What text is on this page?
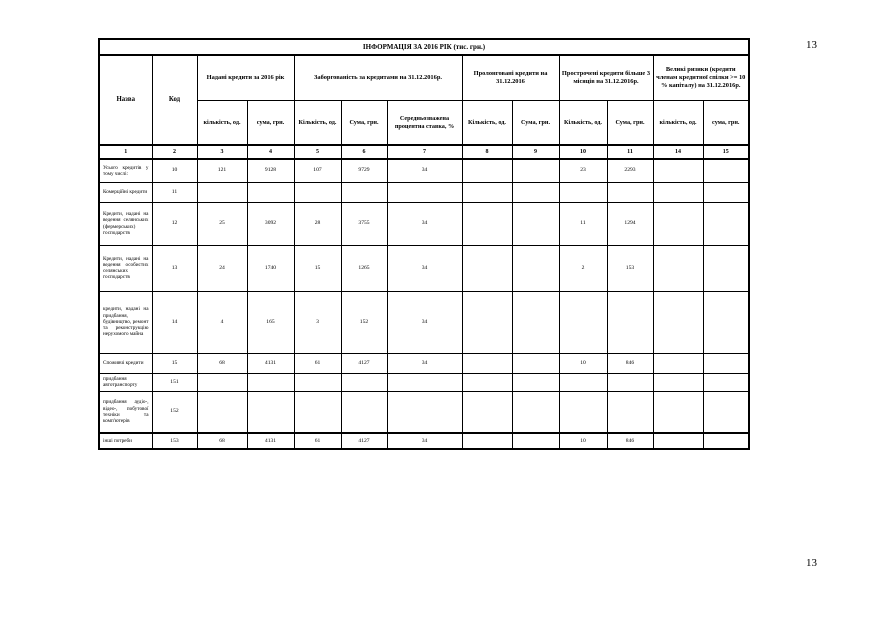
13
13
ІНФОРМАЦІЯ ЗА 2016 РІК (тис. грн.)												
Назва	Код	Надані кредити за 2016 рік		Заборгованість за кредитами на 31.12.2016р.			Пролонговані кредити на 31.12.2016		Прострочені кредити більше 3 місяців на 31.12.2016р.		Великі ризики (кредити членам кредитної спілки >= 10 % капіталу) на 31.12.2016р.	
		кількість, од.	сума, грн.	Кількість, од.	Сума, грн.	Середньозважена процентна ставка, %	Кількість, од.	Сума, грн.	Кількість, од.	Сума, грн.	кількість, од.	сума, грн.
1	2	3	4	5	6	7	8	9	10	11	14	15
Усього кредитів у тому числі:	10	121	9128	107	9729	34			23	2293		
Комерційні кредити	11											
Кредити, надані на ведення селянських (фермерських) господарств	12	25	3092	28	3755	34			11	1294		
Кредити, надані на ведення особистих селянських господарств	13	24	1740	15	1265	34			2	153		
кредити, надані на придбання, будівництво, ремонт та реконструкцію нерухомого майна	14	4	165	3	152	34						
Споживчі кредити	15	68	4131	61	4127	34			10	846		
придбання автотранспорту	151											
придбання аудіо-, відео-, побутової техніки та комп'ютерів	152											
інші потреби	153	68	4131	61	4127	34			10	846		
